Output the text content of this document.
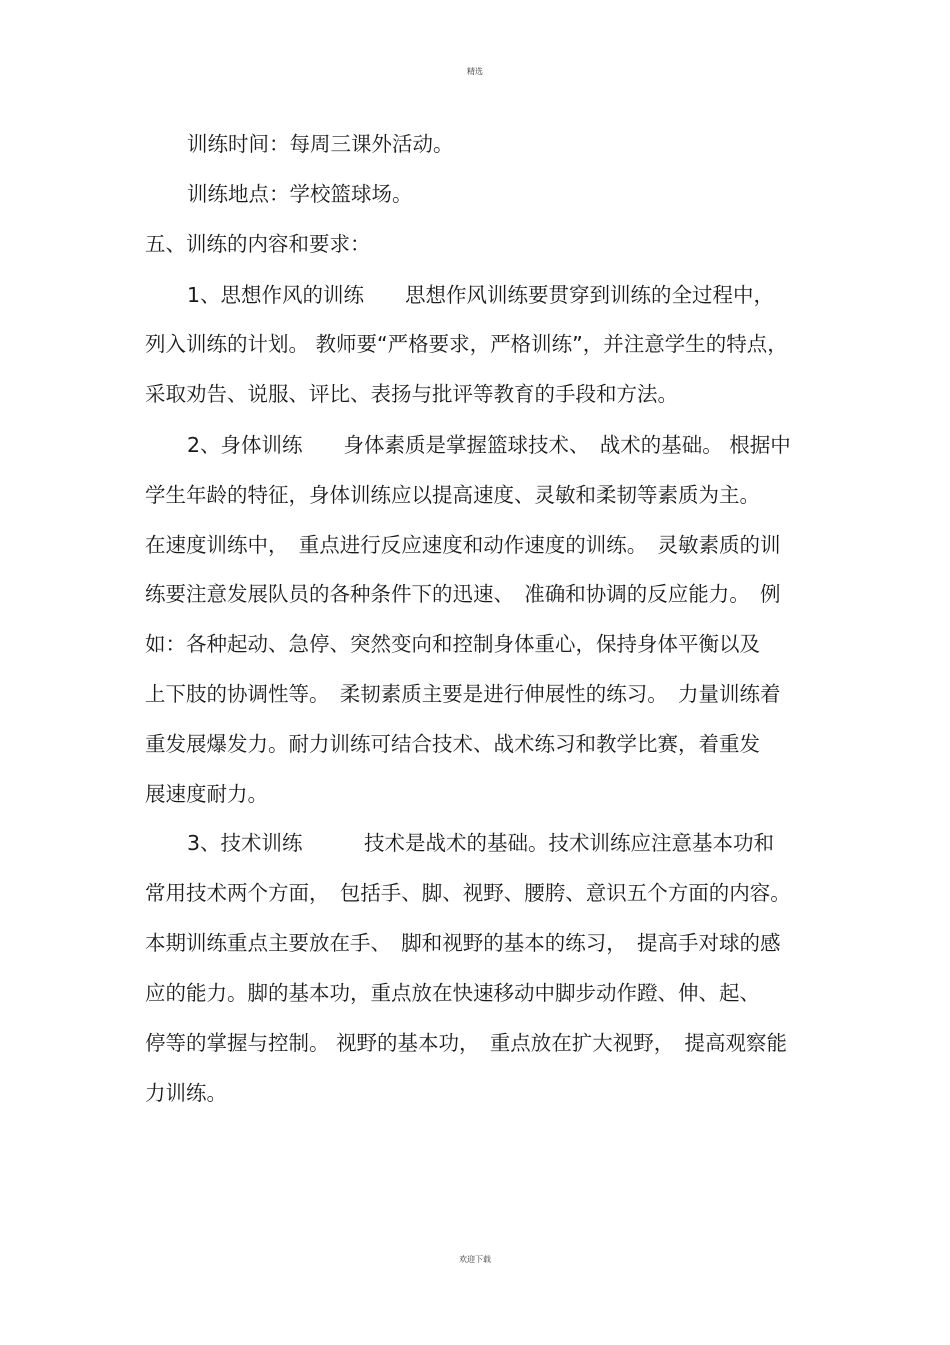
精选
训练时间：每周三课外活动。
训练地点：学校篮球场。
五、训练的内容和要求：
1、思想作风的训练　　思想作风训练要贯穿到训练的全过程中，
列入训练的计划。 教师要“严格要求，严格训练”，并注意学生的特点，
采取劝告、说服、评比、表扬与批评等教育的手段和方法。
2、身体训练　　身体素质是掌握篮球技术、　战术的基础。 根据中
学生年龄的特征，身体训练应以提高速度、灵敏和柔韧等素质为主。
在速度训练中，　重点进行反应速度和动作速度的训练。　灵敏素质的训
练要注意发展队员的各种条件下的迅速、　准确和协调的反应能力。　例
如：各种起动、急停、突然变向和控制身体重心，保持身体平衡以及
上下肢的协调性等。　柔韧素质主要是进行伸展性的练习。　力量训练着
重发展爆发力。耐力训练可结合技术、战术练习和教学比赛，着重发
展速度耐力。
3、技术训练　　　技术是战术的基础。技术训练应注意基本功和
常用技术两个方面，　包括手、脚、视野、腰胯、意识五个方面的内容。
本期训练重点主要放在手、　脚和视野的基本的练习，　提高手对球的感
应的能力。脚的基本功，重点放在快速移动中脚步动作蹬、伸、起、
停等的掌握与控制。 视野的基本功，　重点放在扩大视野，　提高观察能
力训练。
欢迎下载
